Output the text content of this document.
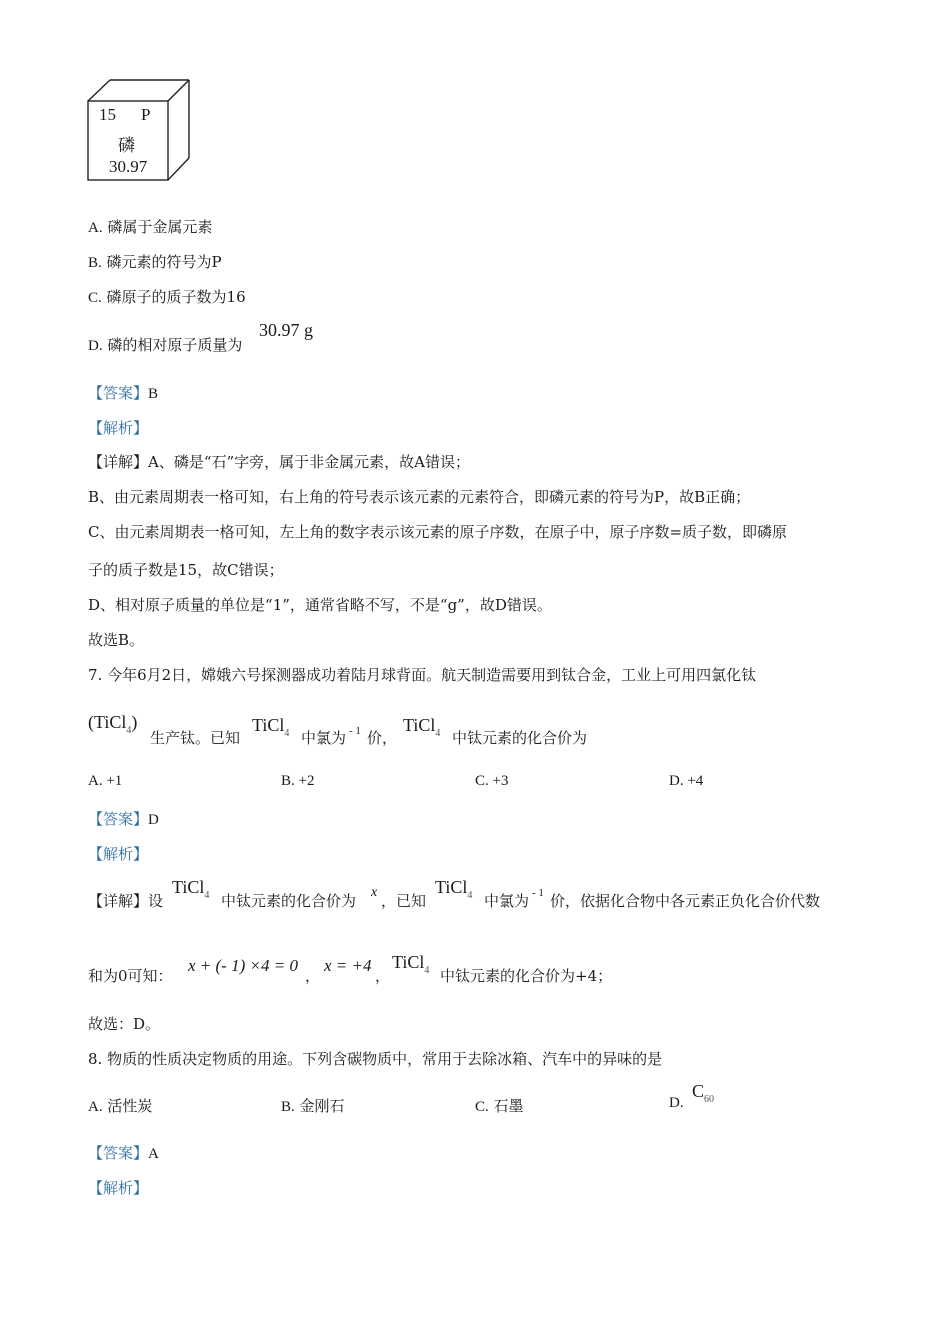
15 P
磷
30.97
A. 磷属于金属元素
B. 磷元素的符号为P
C. 磷原子的质子数为16
D. 磷的相对原子质量为
30.97 g
【答案】B
【解析】
【详解】A、磷是“石”字旁，属于非金属元素，故A错误；
B、由元素周期表一格可知，右上角的符号表示该元素的元素符合，即磷元素的符号为P，故B正确；
C、由元素周期表一格可知，左上角的数字表示该元素的原子序数，在原子中，原子序数=质子数，即磷原
子的质子数是15，故C错误；
D、相对原子质量的单位是“1”，通常省略不写，不是“g”，故D错误。
故选B。
7. 今年6月2日，嫦娥六号探测器成功着陆月球背面。航天制造需要用到钛合金，工业上可用四氯化钛
(TiCl$_4$)
生产钛。已知
TiCl$_4$ 中氯为 - 1 价，
TiCl$_4$ 中钛元素的化合价为
A. +1	B. +2	C. +3	D. +4
【答案】D
【解析】
【详解】设
TiCl$_4$ 中钛元素的化合价为 x ，已知
TiCl$_4$ 中氯为 - 1 价，依据化合物中各元素正负化合价代数
和为0可知：
x + (- 1) ×4 = 0
，
x = +4
，
TiCl$_4$ 中钛元素的化合价为+4；
故选：D。
8. 物质的性质决定物质的用途。下列含碳物质中，常用于去除冰箱、汽车中的异味的是
A. 活性炭	B. 金刚石	C. 石墨	D.
$C_{60}$
【答案】A
【解析】
